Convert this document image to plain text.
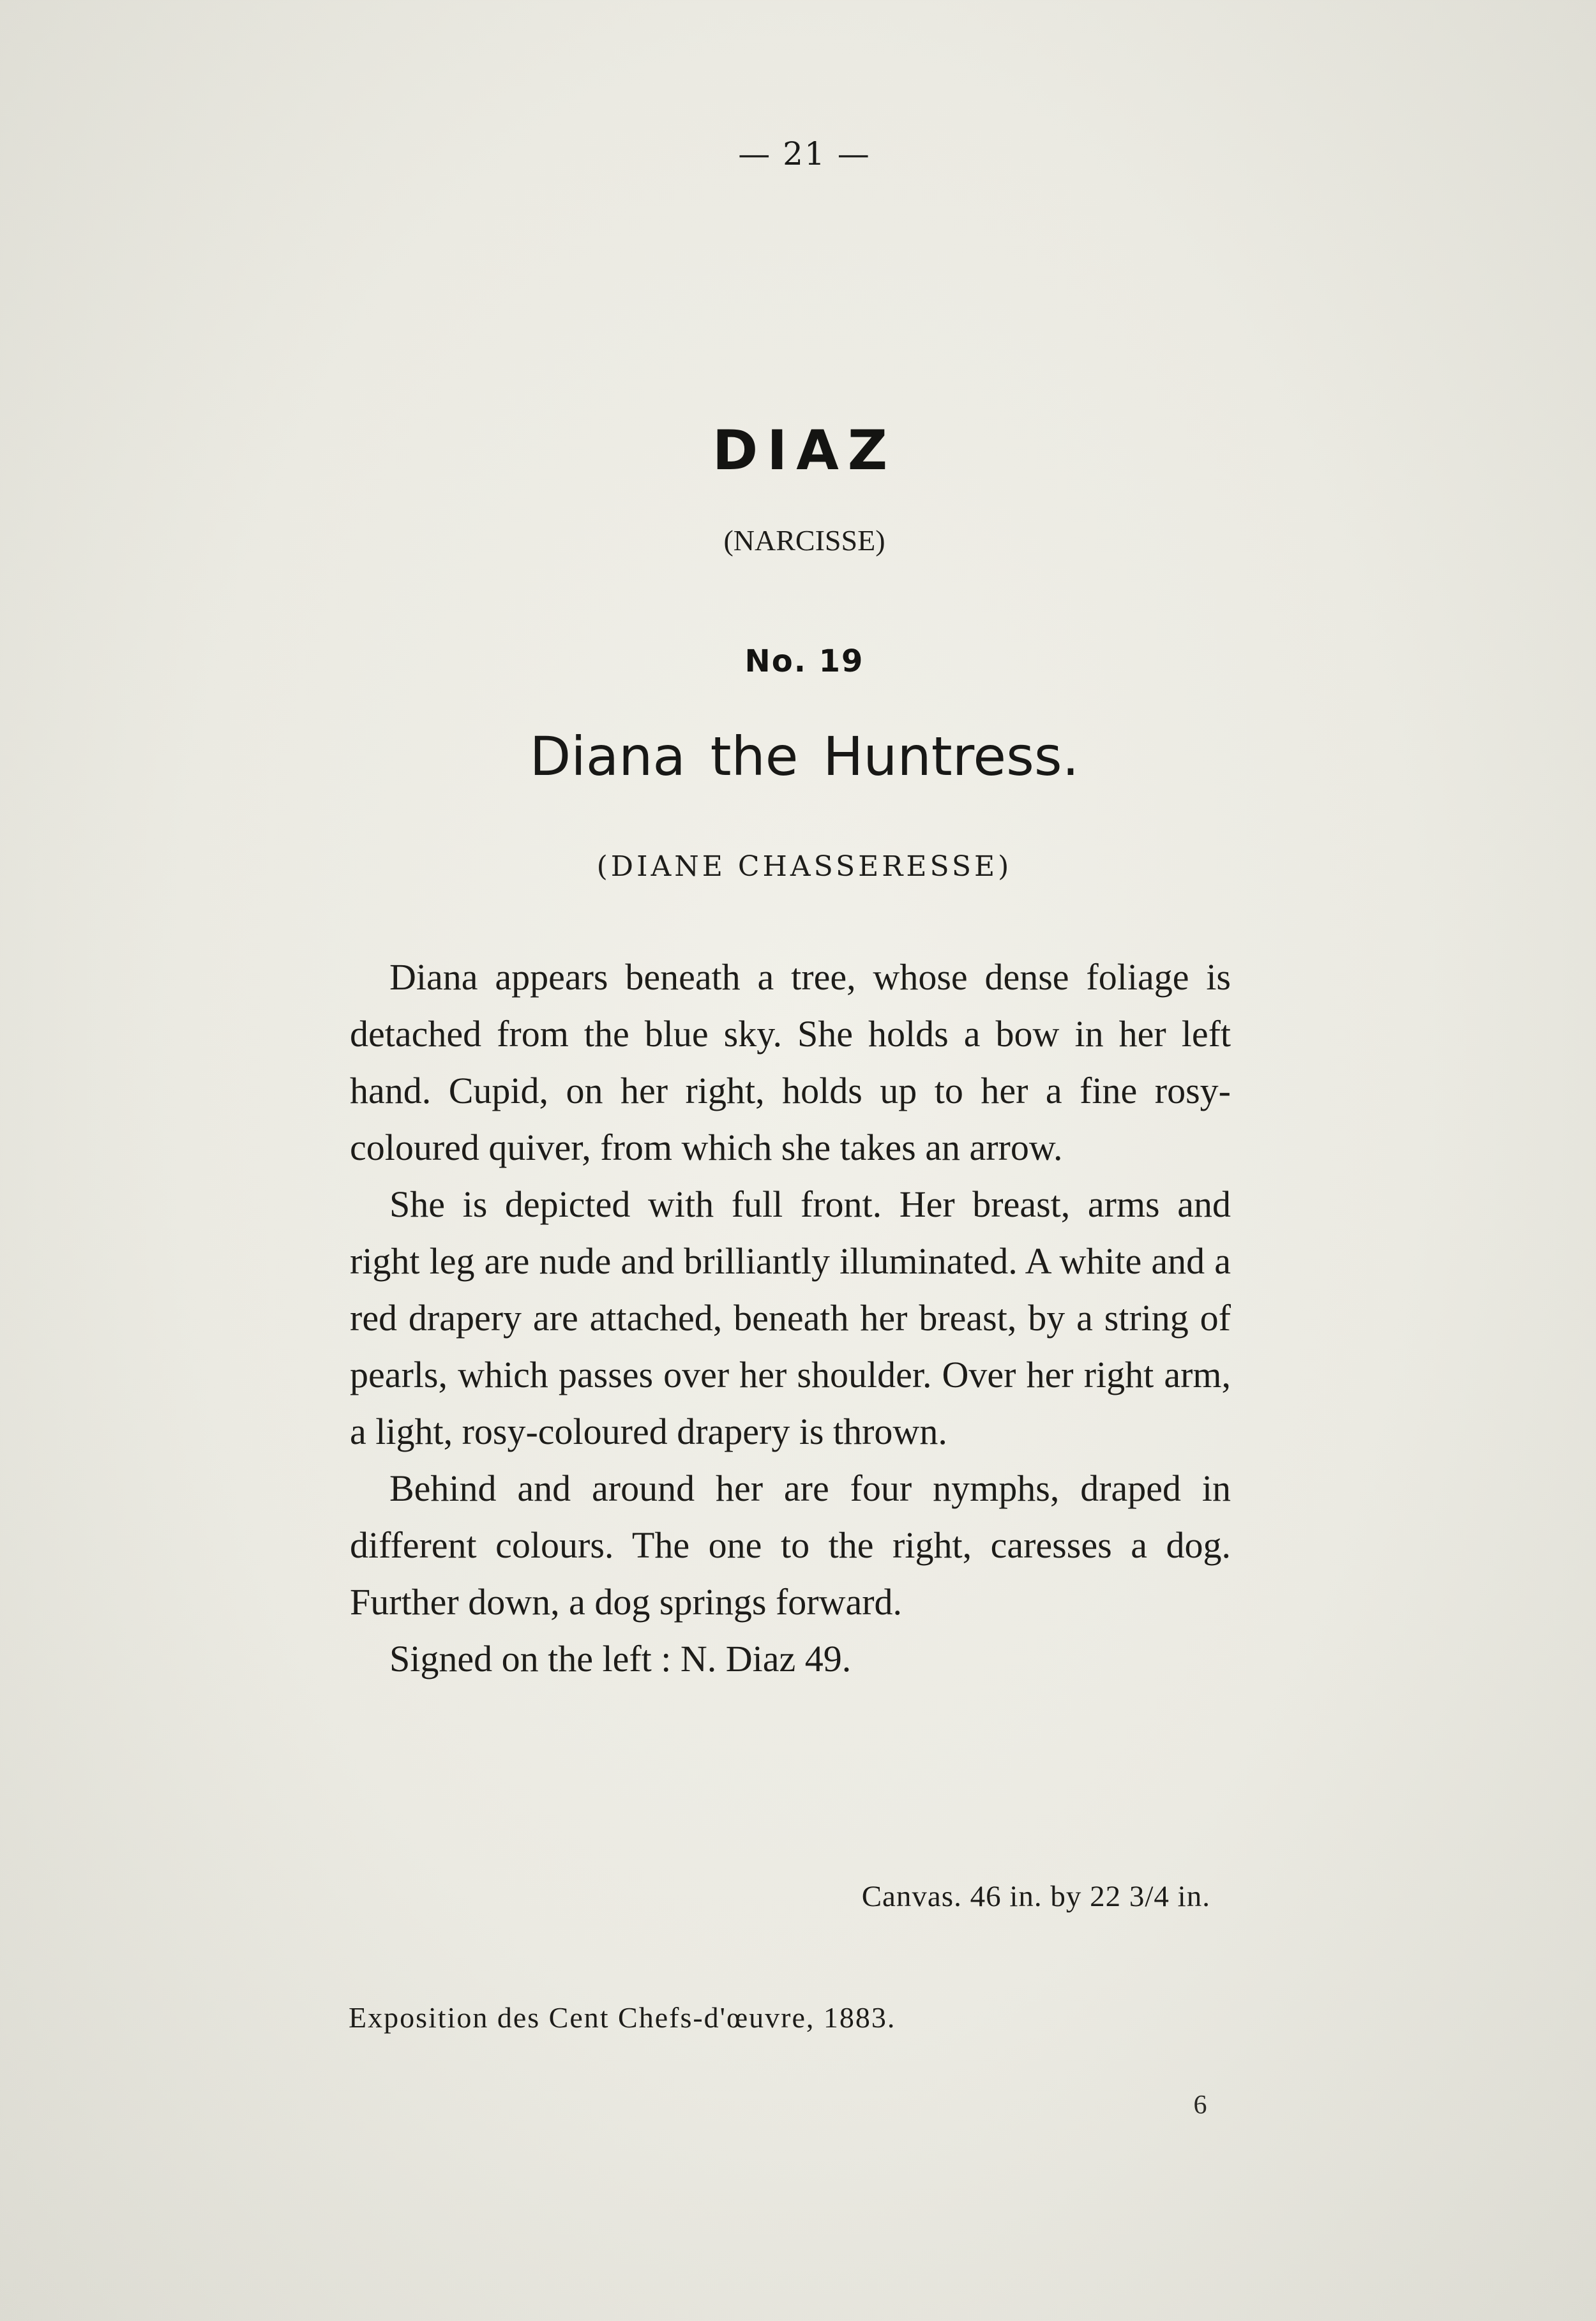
— 21 —
DIAZ
(NARCISSE)
No. 19
Diana the Huntress.
(DIANE CHASSERESSE)

Diana appears beneath a tree, whose dense foliage is detached from the blue sky. She holds a bow in her left hand. Cupid, on her right, holds up to her a fine rosy-coloured quiver, from which she takes an arrow.

She is depicted with full front. Her breast, arms and right leg are nude and brilliantly illuminated. A white and a red drapery are attached, beneath her breast, by a string of pearls, which passes over her shoulder. Over her right arm, a light, rosy-coloured drapery is thrown.

Behind and around her are four nymphs, draped in different colours. The one to the right, caresses a dog. Further down, a dog springs forward.

Signed on the left : N. Diaz 49.

Canvas. 46 in. by 22 3/4 in.
Exposition des Cent Chefs-d'œuvre, 1883.
6
